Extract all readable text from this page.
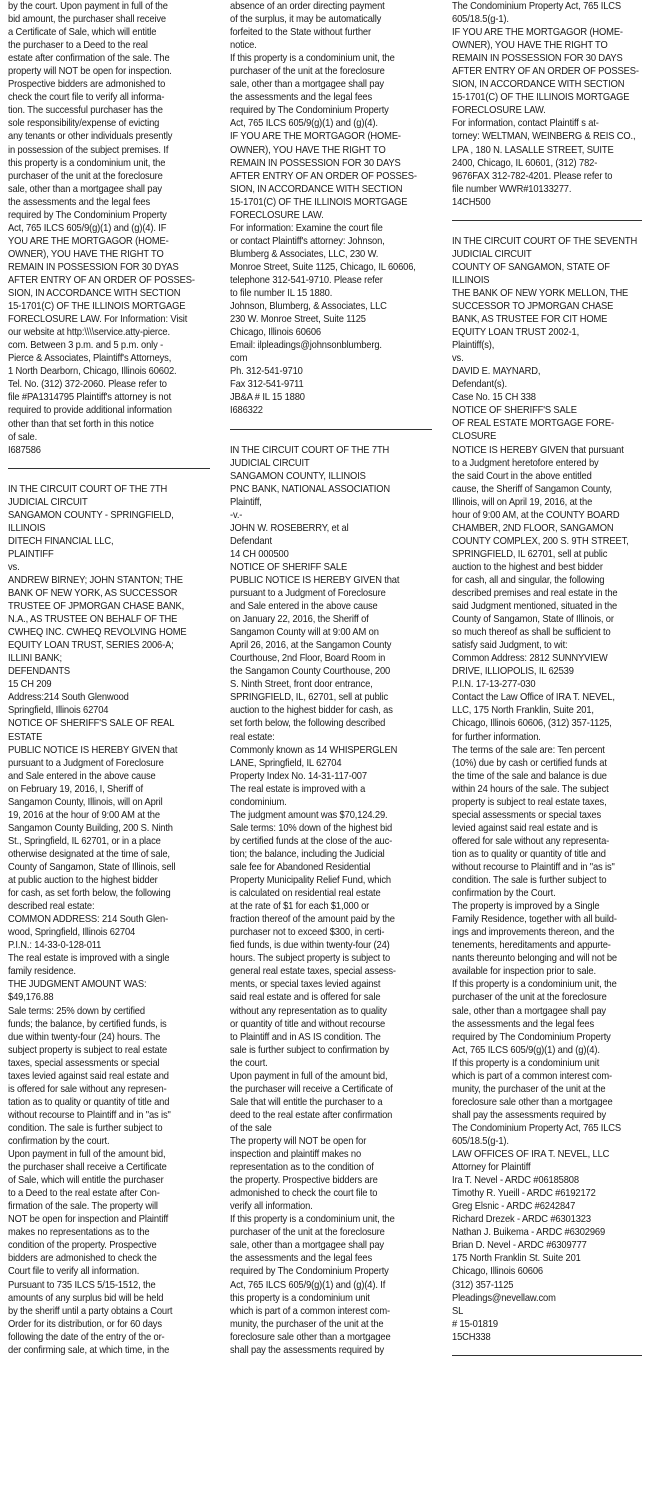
by the court. Upon payment in full of the
bid amount, the purchaser shall receive
a Certificate of Sale, which will entitle
the purchaser to a Deed to the real
estate after confirmation of the sale. The
property will NOT be open for inspection.
Prospective bidders are admonished to
check the court file to verify all informa-
tion. The successful purchaser has the
sole responsibility/expense of evicting
any tenants or other individuals presently
in possession of the subject premises. If
this property is a condominium unit, the
purchaser of the unit at the foreclosure
sale, other than a mortgagee shall pay
the assessments and the legal fees
required by The Condominium Property
Act, 765 ILCS 605/9(g)(1) and (g)(4). IF
YOU ARE THE MORTGAGOR (HOME-
OWNER), YOU HAVE THE RIGHT TO
REMAIN IN POSSESSION FOR 30 DYAS
AFTER ENTRY OF AN ORDER OF POSSES-
SION, IN ACCORDANCE WITH SECTION
15-1701(C) OF THE ILLINOIS MORTGAGE
FORECLOSURE LAW. For Information: Visit
our website at http:\\\\service.atty-pierce.
com. Between 3 p.m. and 5 p.m. only -
Pierce & Associates, Plaintiff's Attorneys,
1 North Dearborn, Chicago, Illinois 60602.
Tel. No. (312) 372-2060. Please refer to
file #PA1314795 Plaintiff's attorney is not
required to provide additional information
other than that set forth in this notice
of sale.
I687586
IN THE CIRCUIT COURT OF THE 7TH
JUDICIAL CIRCUIT
SANGAMON COUNTY - SPRINGFIELD,
ILLINOIS
DITECH FINANCIAL LLC,
PLAINTIFF
vs.
ANDREW BIRNEY; JOHN STANTON; THE
BANK OF NEW YORK, AS SUCCESSOR
TRUSTEE OF JPMORGAN CHASE BANK,
N.A., AS TRUSTEE ON BEHALF OF THE
CWHEQ INC. CWHEQ REVOLVING HOME
EQUITY LOAN TRUST, SERIES 2006-A;
ILLINI BANK;
DEFENDANTS
15 CH 209
Address:214 South Glenwood
Springfield, Illinois 62704
NOTICE OF SHERIFF'S SALE OF REAL
ESTATE
PUBLIC NOTICE IS HEREBY GIVEN that
pursuant to a Judgment of Foreclosure
and Sale entered in the above cause
on February 19, 2016, I, Sheriff of
Sangamon County, Illinois, will on April
19, 2016 at the hour of 9:00 AM at the
Sangamon County Building, 200 S. Ninth
St., Springfield, IL 62701, or in a place
otherwise designated at the time of sale,
County of Sangamon, State of Illinois, sell
at public auction to the highest bidder
for cash, as set forth below, the following
described real estate:
COMMON ADDRESS: 214 South Glen-
wood, Springfield, Illinois 62704
P.I.N.: 14-33-0-128-011
The real estate is improved with a single
family residence.
THE JUDGMENT AMOUNT WAS:
$49,176.88
Sale terms: 25% down by certified
funds; the balance, by certified funds, is
due within twenty-four (24) hours. The
subject property is subject to real estate
taxes, special assessments or special
taxes levied against said real estate and
is offered for sale without any represen-
tation as to quality or quantity of title and
without recourse to Plaintiff and in "as is"
condition. The sale is further subject to
confirmation by the court.
Upon payment in full of the amount bid,
the purchaser shall receive a Certificate
of Sale, which will entitle the purchaser
to a Deed to the real estate after Con-
firmation of the sale. The property will
NOT be open for inspection and Plaintiff
makes no representations as to the
condition of the property. Prospective
bidders are admonished to check the
Court file to verify all information.
Pursuant to 735 ILCS 5/15-1512, the
amounts of any surplus bid will be held
by the sheriff until a party obtains a Court
Order for its distribution, or for 60 days
following the date of the entry of the or-
der confirming sale, at which time, in the
absence of an order directing payment
of the surplus, it may be automatically
forfeited to the State without further
notice.
If this property is a condominium unit, the
purchaser of the unit at the foreclosure
sale, other than a mortgagee shall pay
the assessments and the legal fees
required by The Condominium Property
Act, 765 ILCS 605/9(g)(1) and (g)(4).
IF YOU ARE THE MORTGAGOR (HOME-
OWNER), YOU HAVE THE RIGHT TO
REMAIN IN POSSESSION FOR 30 DAYS
AFTER ENTRY OF AN ORDER OF POSSES-
SION, IN ACCORDANCE WITH SECTION
15-1701(C) OF THE ILLINOIS MORTGAGE
FORECLOSURE LAW.
For information: Examine the court file
or contact Plaintiff's attorney: Johnson,
Blumberg & Associates, LLC, 230 W.
Monroe Street, Suite 1125, Chicago, IL 60606,
telephone 312-541-9710. Please refer
to file number IL 15 1880.
Johnson, Blumberg, & Associates, LLC
230 W. Monroe Street, Suite 1125
Chicago, Illinois 60606
Email: ilpleadings@johnsonblumberg.
com
Ph. 312-541-9710
Fax 312-541-9711
JB&A # IL 15 1880
I686322
IN THE CIRCUIT COURT OF THE 7TH
JUDICIAL CIRCUIT
SANGAMON COUNTY, ILLINOIS
PNC BANK, NATIONAL ASSOCIATION
Plaintiff,
-v.-
JOHN W. ROSEBERRY, et al
Defendant
14 CH 000500
NOTICE OF SHERIFF SALE
PUBLIC NOTICE IS HEREBY GIVEN that
pursuant to a Judgment of Foreclosure
and Sale entered in the above cause
on January 22, 2016, the Sheriff of
Sangamon County will at 9:00 AM on
April 26, 2016, at the Sangamon County
Courthouse, 2nd Floor, Board Room in
the Sangamon County Courthouse, 200
S. Ninth Street, front door entrance,
SPRINGFIELD, IL, 62701, sell at public
auction to the highest bidder for cash, as
set forth below, the following described
real estate:
Commonly known as 14 WHISPERGLEN
LANE, Springfield, IL 62704
Property Index No. 14-31-117-007
The real estate is improved with a
condominium.
The judgment amount was $70,124.29.
Sale terms: 10% down of the highest bid
by certified funds at the close of the auc-
tion; the balance, including the Judicial
sale fee for Abandoned Residential
Property Municipality Relief Fund, which
is calculated on residential real estate
at the rate of $1 for each $1,000 or
fraction thereof of the amount paid by the
purchaser not to exceed $300, in certi-
fied funds, is due within twenty-four (24)
hours. The subject property is subject to
general real estate taxes, special assess-
ments, or special taxes levied against
said real estate and is offered for sale
without any representation as to quality
or quantity of title and without recourse
to Plaintiff and in AS IS condition. The
sale is further subject to confirmation by
the court.
Upon payment in full of the amount bid,
the purchaser will receive a Certificate of
Sale that will entitle the purchaser to a
deed to the real estate after confirmation
of the sale
The property will NOT be open for
inspection and plaintiff makes no
representation as to the condition of
the property. Prospective bidders are
admonished to check the court file to
verify all information.
If this property is a condominium unit, the
purchaser of the unit at the foreclosure
sale, other than a mortgagee shall pay
the assessments and the legal fees
required by The Condominium Property
Act, 765 ILCS 605/9(g)(1) and (g)(4). If
this property is a condominium unit
which is part of a common interest com-
munity, the purchaser of the unit at the
foreclosure sale other than a mortgagee
shall pay the assessments required by
The Condominium Property Act, 765 ILCS
605/18.5(g-1).
IF YOU ARE THE MORTGAGOR (HOME-
OWNER), YOU HAVE THE RIGHT TO
REMAIN IN POSSESSION FOR 30 DAYS
AFTER ENTRY OF AN ORDER OF POSSES-
SION, IN ACCORDANCE WITH SECTION
15-1701(C) OF THE ILLINOIS MORTGAGE
FORECLOSURE LAW.
For information, contact Plaintiff s at-
torney: WELTMAN, WEINBERG & REIS CO.,
LPA , 180 N. LASALLE STREET, SUITE
2400, Chicago, IL 60601, (312) 782-
9676FAX 312-782-4201. Please refer to
file number WWR#10133277.
14CH500
IN THE CIRCUIT COURT OF THE SEVENTH
JUDICIAL CIRCUIT
COUNTY OF SANGAMON, STATE OF
ILLINOIS
THE BANK OF NEW YORK MELLON, THE
SUCCESSOR TO JPMORGAN CHASE
BANK, AS TRUSTEE FOR CIT HOME
EQUITY LOAN TRUST 2002-1,
Plaintiff(s),
vs.
DAVID E. MAYNARD,
Defendant(s).
Case No. 15 CH 338
NOTICE OF SHERIFF'S SALE
OF REAL ESTATE MORTGAGE FORE-
CLOSURE
NOTICE IS HEREBY GIVEN that pursuant
to a Judgment heretofore entered by
the said Court in the above entitled
cause, the Sheriff of Sangamon County,
Illinois, will on April 19, 2016, at the
hour of 9:00 AM, at the COUNTY BOARD
CHAMBER, 2ND FLOOR, SANGAMON
COUNTY COMPLEX, 200 S. 9TH STREET,
SPRINGFIELD, IL 62701, sell at public
auction to the highest and best bidder
for cash, all and singular, the following
described premises and real estate in the
said Judgment mentioned, situated in the
County of Sangamon, State of Illinois, or
so much thereof as shall be sufficient to
satisfy said Judgment, to wit:
Common Address: 2812 SUNNYVIEW
DRIVE, ILLIOPOLIS, IL 62539
P.I.N. 17-13-277-030
Contact the Law Office of IRA T. NEVEL,
LLC, 175 North Franklin, Suite 201,
Chicago, Illinois 60606, (312) 357-1125,
for further information.
The terms of the sale are: Ten percent
(10%) due by cash or certified funds at
the time of the sale and balance is due
within 24 hours of the sale. The subject
property is subject to real estate taxes,
special assessments or special taxes
levied against said real estate and is
offered for sale without any representa-
tion as to quality or quantity of title and
without recourse to Plaintiff and in "as is"
condition. The sale is further subject to
confirmation by the Court.
The property is improved by a Single
Family Residence, together with all build-
ings and improvements thereon, and the
tenements, hereditaments and appurte-
nants thereunto belonging and will not be
available for inspection prior to sale.
If this property is a condominium unit, the
purchaser of the unit at the foreclosure
sale, other than a mortgagee shall pay
the assessments and the legal fees
required by The Condominium Property
Act, 765 ILCS 605/9(g)(1) and (g)(4).
If this property is a condominium unit
which is part of a common interest com-
munity, the purchaser of the unit at the
foreclosure sale other than a mortgagee
shall pay the assessments required by
The Condominium Property Act, 765 ILCS
605/18.5(g-1).
LAW OFFICES OF IRA T. NEVEL, LLC
Attorney for Plaintiff
Ira T. Nevel - ARDC #06185808
Timothy R. Yueill - ARDC #6192172
Greg Elsnic - ARDC #6242847
Richard Drezek - ARDC #6301323
Nathan J. Buikema - ARDC #6302969
Brian D. Nevel - ARDC #6309777
175 North Franklin St. Suite 201
Chicago, Illinois 60606
(312) 357-1125
Pleadings@nevellaw.com
SL
# 15-01819
15CH338
